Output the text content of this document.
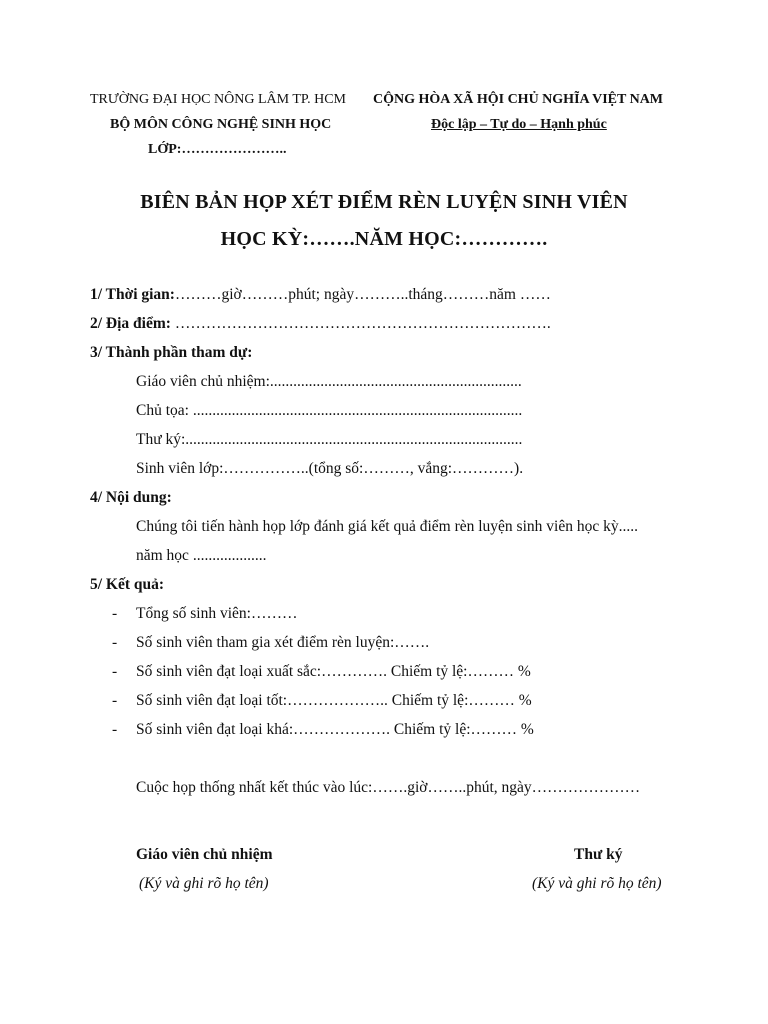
TRƯỜNG ĐẠI HỌC NÔNG LÂM TP. HCM
BỘ MÔN CÔNG NGHỆ SINH HỌC
LỚP:…………………..
CỘNG HÒA XÃ HỘI CHỦ NGHĨA VIỆT NAM
Độc lập – Tự do – Hạnh phúc
BIÊN BẢN HỌP XÉT ĐIỂM RÈN LUYỆN SINH VIÊN
HỌC KỲ:…….NĂM HỌC:………….
1/ Thời gian:………giờ………phút; ngày………..tháng………năm ……
2/ Địa điểm: ……………………………………………………………….
3/ Thành phần tham dự:
Giáo viên chủ nhiệm:.................................................................
Chủ tọa: .....................................................................................
Thư ký:.......................................................................................
Sinh viên lớp:……………..(tổng số:………, vắng:…………).
4/ Nội dung:
Chúng tôi tiến hành họp lớp đánh giá kết quả điểm rèn luyện sinh viên học kỳ.....
năm học ...................
5/ Kết quả:
- Tổng số sinh viên:………
- Số sinh viên tham gia xét điểm rèn luyện:…….
- Số sinh viên đạt loại xuất sắc:…………. Chiếm tỷ lệ:……… %
- Số sinh viên đạt loại tốt:……………….. Chiếm tỷ lệ:……… %
- Số sinh viên đạt loại khá:………………. Chiếm tỷ lệ:……… %
Cuộc họp thống nhất kết thúc vào lúc:…….giờ……..phút, ngày…………………
Giáo viên chủ nhiệm
(Ký và ghi rõ họ tên)
Thư ký
(Ký và ghi rõ họ tên)
